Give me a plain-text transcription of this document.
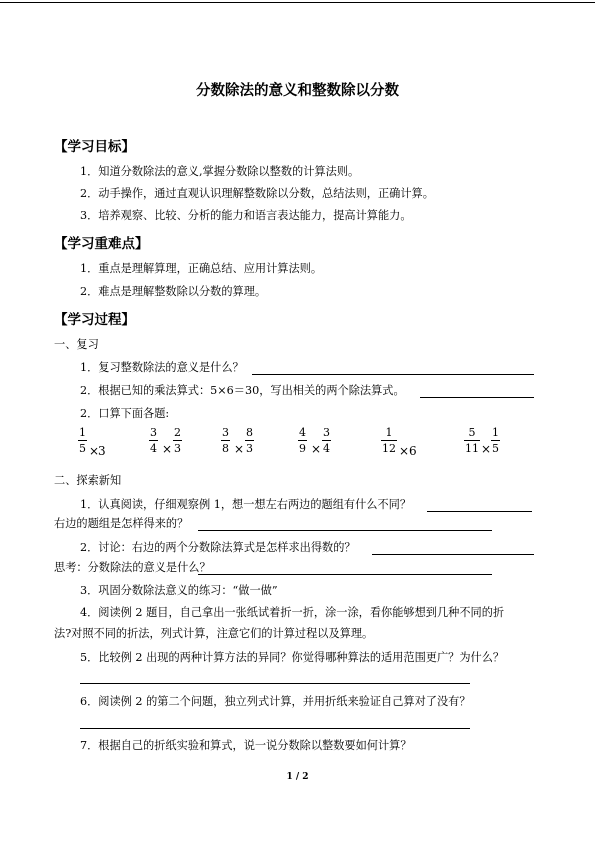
分数除法的意义和整数除以分数
【学习目标】
1．知道分数除法的意义,掌握分数除以整数的计算法则。
2．动手操作，通过直观认识理解整数除以分数，总结法则，正确计算。
3．培养观察、比较、分析的能力和语言表达能力，提高计算能力。
【学习重难点】
1．重点是理解算理，正确总结、应用计算法则。
2．难点是理解整数除以分数的算理。
【学习过程】
一、复习
1．复习整数除法的意义是什么？
2．根据已知的乘法算式：5×6＝30，写出相关的两个除法算式。
2．口算下面各题:
1
5 ×
3
3
4 ×
2
3
3
8 ×
8
3
4
9 ×
3
4
1
12 × 6
5
11 ×
1
5
二、探索新知
1．认真阅读，仔细观察例 1，想一想左右两边的题组有什么不同？
右边的题组是怎样得来的？
2．讨论：右边的两个分数除法算式是怎样求出得数的？
思考：分数除法的意义是什么？
3．巩固分数除法意义的练习：“做一做”
4．阅读例 2 题目，自己拿出一张纸试着折一折，涂一涂，看你能够想到几种不同的折
法?对照不同的折法，列式计算，注意它们的计算过程以及算理。
5．比较例 2 出现的两种计算方法的异同？你觉得哪种算法的适用范围更广？为什么？
6．阅读例 2 的第二个问题，独立列式计算，并用折纸来验证自己算对了没有？
7．根据自己的折纸实验和算式，说一说分数除以整数要如何计算？
1 / 2
